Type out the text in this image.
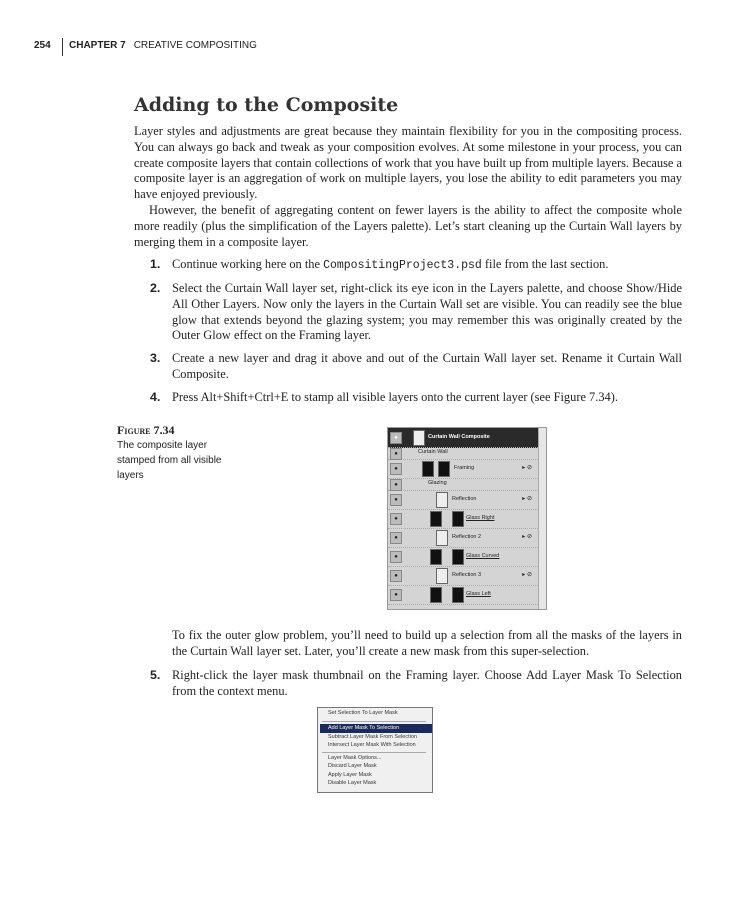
254 CHAPTER 7 CREATIVE COMPOSITING
Adding to the Composite
Layer styles and adjustments are great because they maintain flexibility for you in the compositing process. You can always go back and tweak as your composition evolves. At some milestone in your process, you can create composite layers that contain collections of work that you have built up from multiple layers. Because a composite layer is an aggregation of work on multiple layers, you lose the ability to edit parameters you may have enjoyed previously.
However, the benefit of aggregating content on fewer layers is the ability to affect the composite whole more readily (plus the simplification of the Layers palette). Let’s start cleaning up the Curtain Wall layers by merging them in a composite layer.
1. Continue working here on the CompositingProject3.psd file from the last section.
2. Select the Curtain Wall layer set, right-click its eye icon in the Layers palette, and choose Show/Hide All Other Layers. Now only the layers in the Curtain Wall set are visible. You can readily see the blue glow that extends beyond the glazing system; you may remember this was originally created by the Outer Glow effect on the Framing layer.
3. Create a new layer and drag it above and out of the Curtain Wall layer set. Rename it Curtain Wall Composite.
4. Press Alt+Shift+Ctrl+E to stamp all visible layers onto the current layer (see Figure 7.34).
Figure 7.34
The composite layer stamped from all visible layers
●	Curtain Wall Composite
●	Curtain Wall
●	Framing	▸ ⊘
●	Glazing
●	Reflection	▸ ⊘
●	Glass Right
●	Reflection 2	▸ ⊘
●	Glass Curved
●	Reflection 3	▸ ⊘
●	Glass Left
To fix the outer glow problem, you’ll need to build up a selection from all the masks of the layers in the Curtain Wall layer set. Later, you’ll create a new mask from this super-selection.
5. Right-click the layer mask thumbnail on the Framing layer. Choose Add Layer Mask To Selection from the context menu.
Set Selection To Layer Mask
Add Layer Mask To Selection
Subtract Layer Mask From Selection
Intersect Layer Mask With Selection
Layer Mask Options...
Discard Layer Mask
Apply Layer Mask
Disable Layer Mask
